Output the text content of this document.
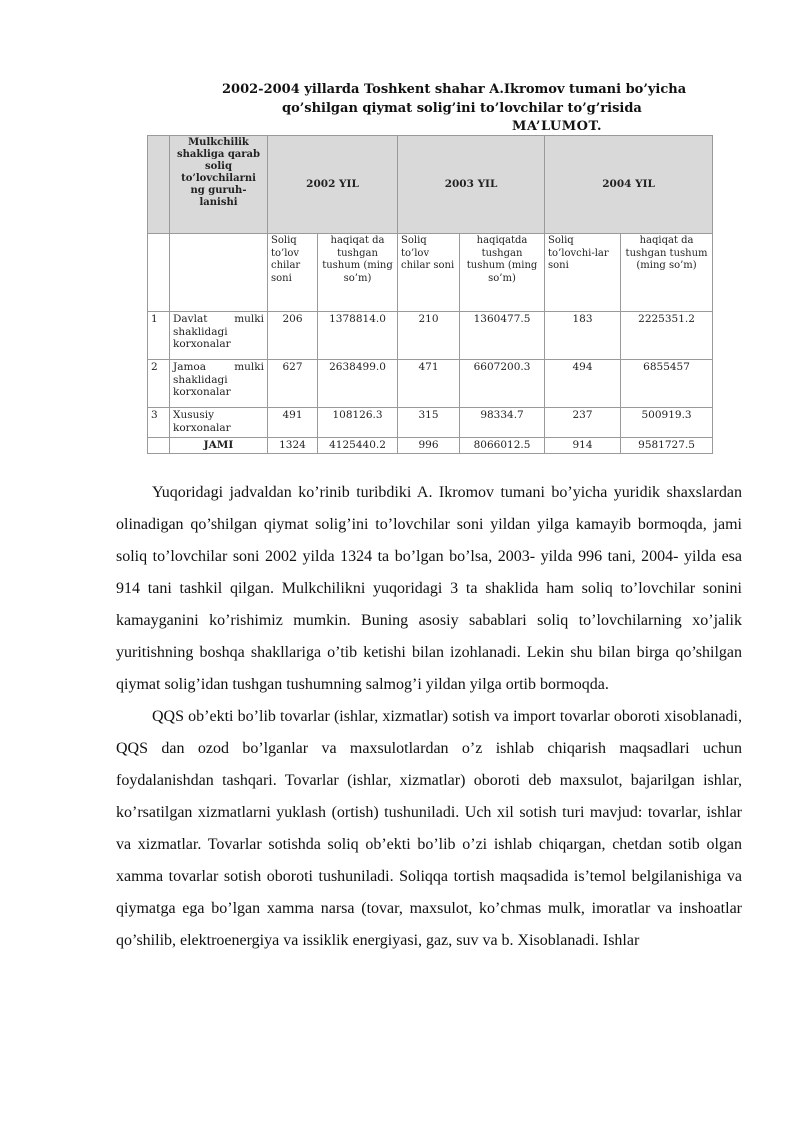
2002-2004 yillarda Toshkent shahar A.Ikromov tumani bo’yicha
qo’shilgan qiymat solig’ini to’lovchilar to’g’risida
MA’LUMOT.
	Mulkchilik shakliga qarab soliq to’lovchilarni ng guruh-lanishi	2002 YIL		2003 YIL		2004 YIL	
		Soliq to’lov chilar soni	haqiqat da tushgan tushum (ming so’m)	Soliq to’lov chilar soni	haqiqatda tushgan tushum (ming so’m)	Soliq to’lovchi-lar soni	haqiqat da tushgan tushum (ming so’m)
1	Davlat mulki shaklidagi korxonalar	206	1378814.0	210	1360477.5	183	2225351.2
2	Jamoa mulki shaklidagi korxonalar	627	2638499.0	471	6607200.3	494	6855457
3	Xususiy korxonalar	491	108126.3	315	98334.7	237	500919.3
	JAMI	1324	4125440.2	996	8066012.5	914	9581727.5

Yuqoridagi jadvaldan ko’rinib turibdiki A. Ikromov tumani bo’yicha yuridik shaxslardan olinadigan qo’shilgan qiymat solig’ini to’lovchilar soni yildan yilga kamayib bormoqda, jami soliq to’lovchilar soni 2002 yilda 1324 ta bo’lgan bo’lsa, 2003- yilda 996 tani, 2004- yilda esa 914 tani tashkil qilgan. Mulkchilikni yuqoridagi 3 ta shaklida ham soliq to’lovchilar sonini kamayganini ko’rishimiz mumkin. Buning asosiy sabablari soliq to’lovchilarning xo’jalik yuritishning boshqa shakllariga o’tib ketishi bilan izohlanadi. Lekin shu bilan birga qo’shilgan qiymat solig’idan tushgan tushumning salmog’i yildan yilga ortib bormoqda.

QQS ob’ekti bo’lib tovarlar (ishlar, xizmatlar) sotish va import tovarlar oboroti xisoblanadi, QQS dan ozod bo’lganlar va maxsulotlardan o’z ishlab chiqarish maqsadlari uchun foydalanishdan tashqari. Tovarlar (ishlar, xizmatlar) oboroti deb maxsulot, bajarilgan ishlar, ko’rsatilgan xizmatlarni yuklash (ortish) tushuniladi. Uch xil sotish turi mavjud: tovarlar, ishlar va xizmatlar. Tovarlar sotishda soliq ob’ekti bo’lib o’zi ishlab chiqargan, chetdan sotib olgan xamma tovarlar sotish oboroti tushuniladi. Soliqqa tortish maqsadida is’temol belgilanishiga va qiymatga ega bo’lgan xamma narsa (tovar, maxsulot, ko’chmas mulk, imoratlar va inshoatlar qo’shilib, elektroenergiya va issiklik energiyasi, gaz, suv va b. Xisoblanadi. Ishlar
